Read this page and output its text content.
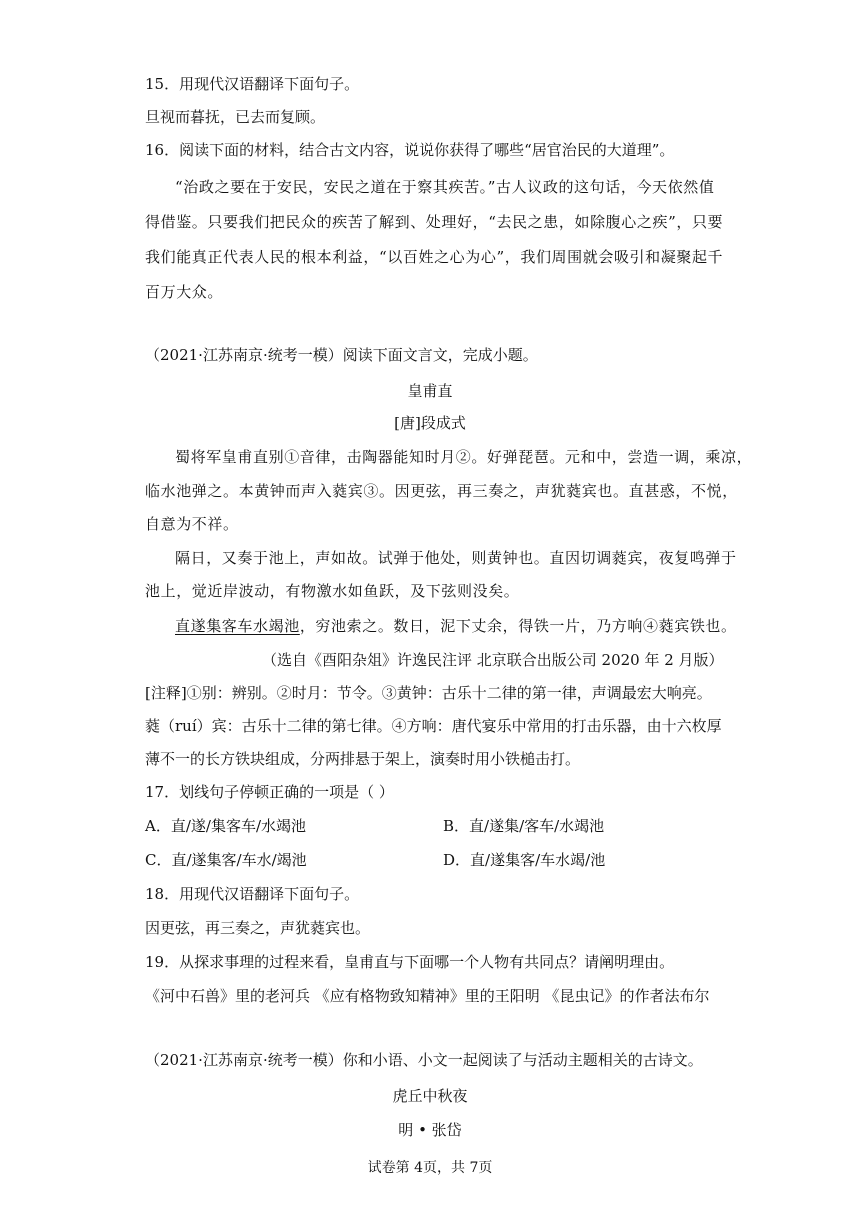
15．用现代汉语翻译下面句子。
旦视而暮抚，已去而复顾。
16．阅读下面的材料，结合古文内容，说说你获得了哪些“居官治民的大道理”。
“治政之要在于安民，安民之道在于察其疾苦。”古人议政的这句话，今天依然值
得借鉴。只要我们把民众的疾苦了解到、处理好，“去民之患，如除腹心之疾”，只要
我们能真正代表人民的根本利益，“以百姓之心为心”，我们周围就会吸引和凝聚起千
百万大众。
（2021·江苏南京·统考一模）阅读下面文言文，完成小题。
皇甫直
[唐]段成式
蜀将军皇甫直别①音律，击陶器能知时月②。好弹琵琶。元和中，尝造一调，乘凉，
临水池弹之。本黄钟而声入蕤宾③。因更弦，再三奏之，声犹蕤宾也。直甚惑，不悦，
自意为不祥。
隔日，又奏于池上，声如故。试弹于他处，则黄钟也。直因切调蕤宾，夜复鸣弹于
池上，觉近岸波动，有物激水如鱼跃，及下弦则没矣。
直遂集客车水竭池，穷池索之。数日，泥下丈余，得铁一片，乃方响④蕤宾铁也。
（选自《酉阳杂俎》许逸民注评 北京联合出版公司 2020 年 2 月版）
[注释]①别：辨别。②时月：节令。③黄钟：古乐十二律的第一律，声调最宏大响亮。
蕤（ruí）宾：古乐十二律的第七律。④方响：唐代宴乐中常用的打击乐器，由十六枚厚
薄不一的长方铁块组成，分两排悬于架上，演奏时用小铁槌击打。
17．划线句子停顿正确的一项是（ ）
A．直/遂/集客车/水竭池	B．直/遂集/客车/水竭池
C．直/遂集客/车水/竭池	D．直/遂集客/车水竭/池
18．用现代汉语翻译下面句子。
因更弦，再三奏之，声犹蕤宾也。
19．从探求事理的过程来看，皇甫直与下面哪一个人物有共同点？请阐明理由。
《河中石兽》里的老河兵 《应有格物致知精神》里的王阳明 《昆虫记》的作者法布尔
（2021·江苏南京·统考一模）你和小语、小文一起阅读了与活动主题相关的古诗文。
虎丘中秋夜
明 • 张岱
试卷第 4页，共 7页
